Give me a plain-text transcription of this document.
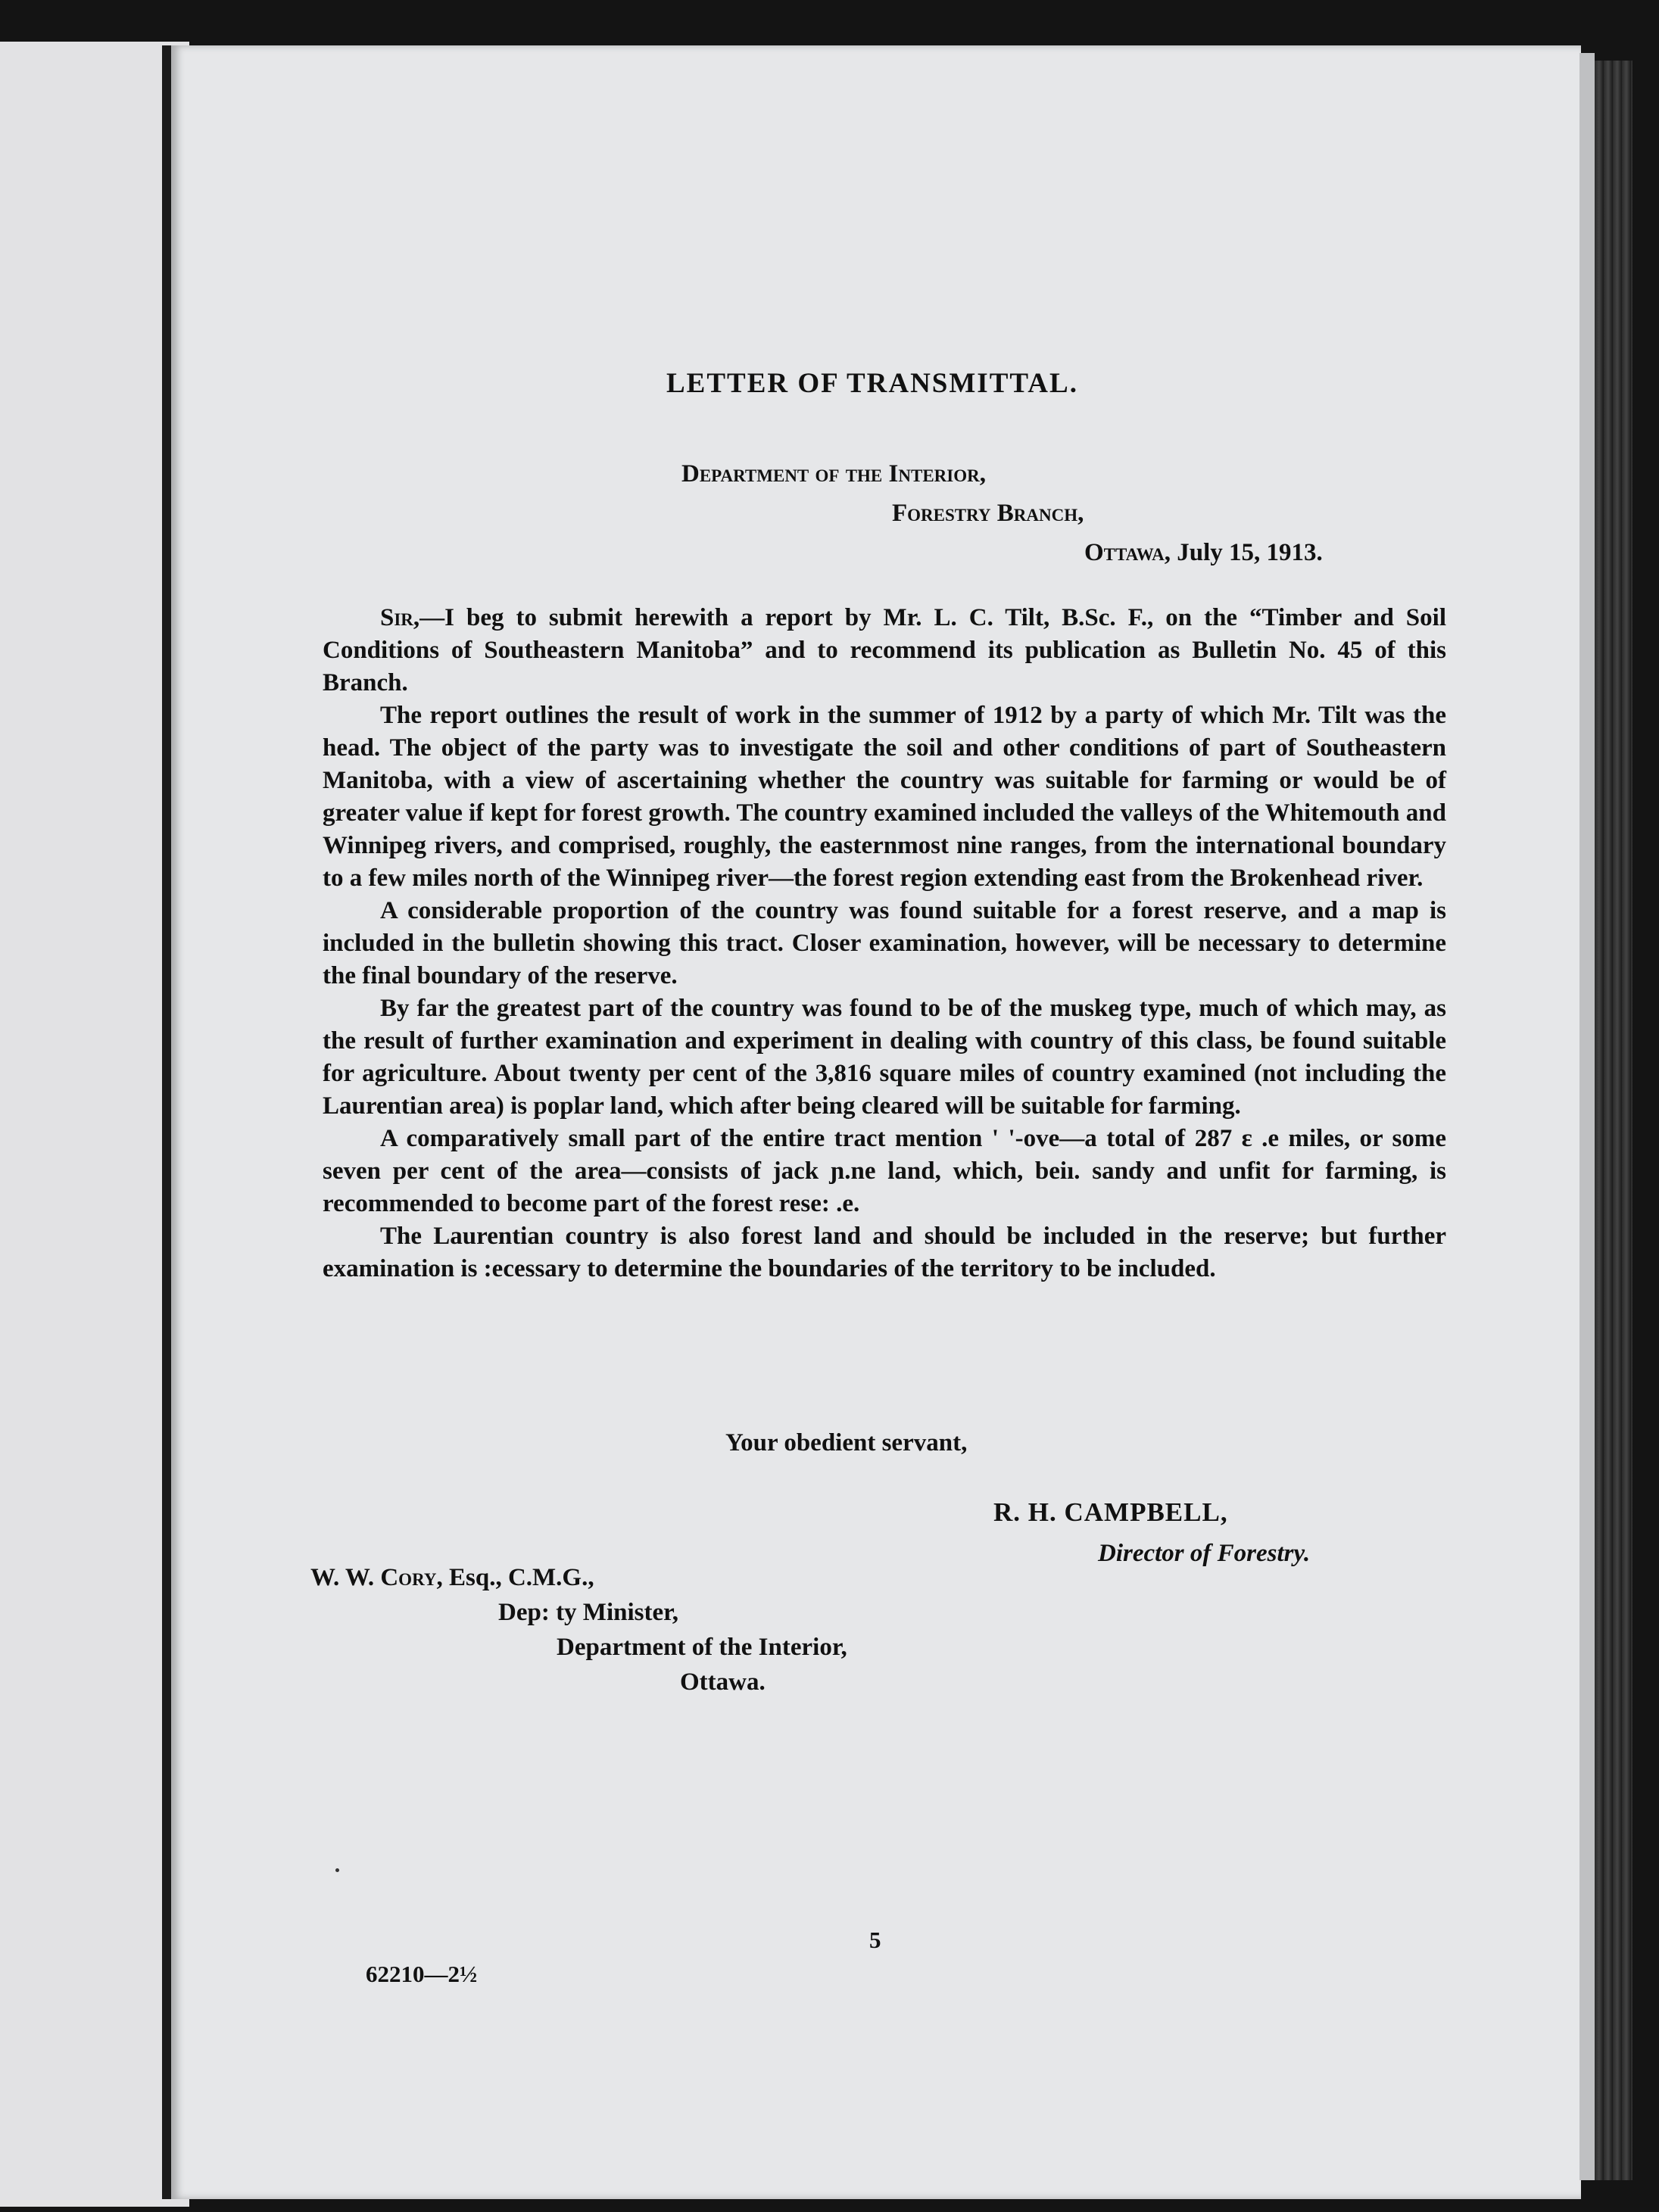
LETTER OF TRANSMITTAL.
Department of the Interior,
Forestry Branch,
Ottawa, July 15, 1913.

Sir,—I beg to submit herewith a report by Mr. L. C. Tilt, B.Sc. F., on the “Timber and Soil Conditions of Southeastern Manitoba” and to recommend its publication as Bulletin No. 45 of this Branch.

The report outlines the result of work in the summer of 1912 by a party of which Mr. Tilt was the head. The object of the party was to investigate the soil and other conditions of part of Southeastern Manitoba, with a view of ascertaining whether the country was suitable for farming or would be of greater value if kept for forest growth. The country examined included the valleys of the Whitemouth and Winnipeg rivers, and comprised, roughly, the easternmost nine ranges, from the international boundary to a few miles north of the Winnipeg river—the forest region extending east from the Brokenhead river.

A considerable proportion of the country was found suitable for a forest reserve, and a map is included in the bulletin showing this tract. Closer examination, however, will be necessary to determine the final boundary of the reserve.

By far the greatest part of the country was found to be of the muskeg type, much of which may, as the result of further examination and experiment in dealing with country of this class, be found suitable for agriculture. About twenty per cent of the 3,816 square miles of country examined (not including the Laurentian area) is poplar land, which after being cleared will be suitable for farming.

A comparatively small part of the entire tract mention ' '-ove—a total of 287 ɛ .e miles, or some seven per cent of the area—consists of jack ɲ.ne land, which, beiı. sandy and unfit for farming, is recommended to become part of the forest rese: .e.

The Laurentian country is also forest land and should be included in the reserve; but further examination is :ecessary to determine the boundaries of the territory to be included.

Your obedient servant,
R. H. CAMPBELL,
Director of Forestry.
W. W. Cory, Esq., C.M.G.,
Dep: ty Minister,
Department of the Interior,
Ottawa.
5
62210—2½
